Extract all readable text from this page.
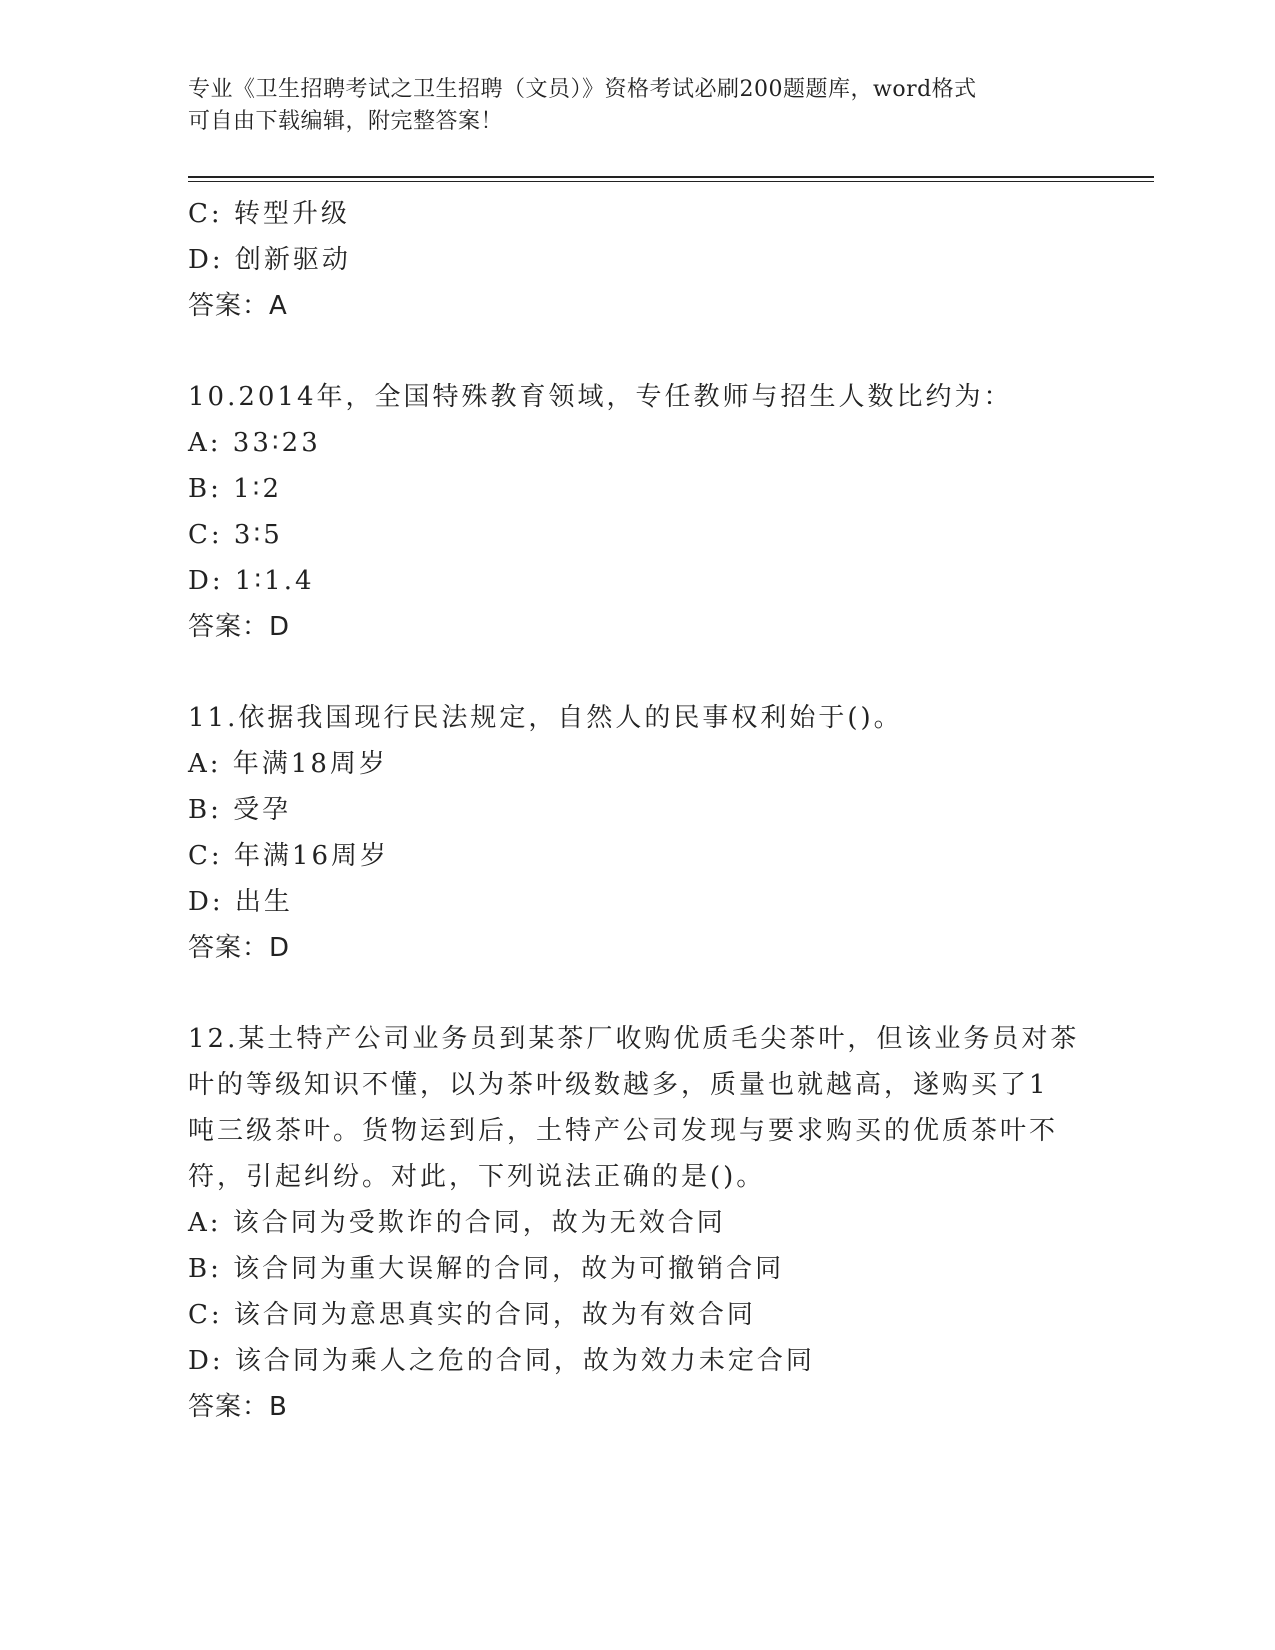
专业《卫生招聘考试之卫生招聘（文员）》资格考试必刷200题题库，word格式
可自由下载编辑，附完整答案！
C: 转型升级
D: 创新驱动
答案：A
10.2014年，全国特殊教育领域，专任教师与招生人数比约为：
A: 33∶23
B: 1∶2
C: 3∶5
D: 1∶1.4
答案：D
11.依据我国现行民法规定，自然人的民事权利始于()。
A: 年满18周岁
B: 受孕
C: 年满16周岁
D: 出生
答案：D
12.某土特产公司业务员到某茶厂收购优质毛尖茶叶，但该业务员对茶
叶的等级知识不懂，以为茶叶级数越多，质量也就越高，遂购买了1
吨三级茶叶。货物运到后，土特产公司发现与要求购买的优质茶叶不
符，引起纠纷。对此，下列说法正确的是()。
A: 该合同为受欺诈的合同，故为无效合同
B: 该合同为重大误解的合同，故为可撤销合同
C: 该合同为意思真实的合同，故为有效合同
D: 该合同为乘人之危的合同，故为效力未定合同
答案：B
